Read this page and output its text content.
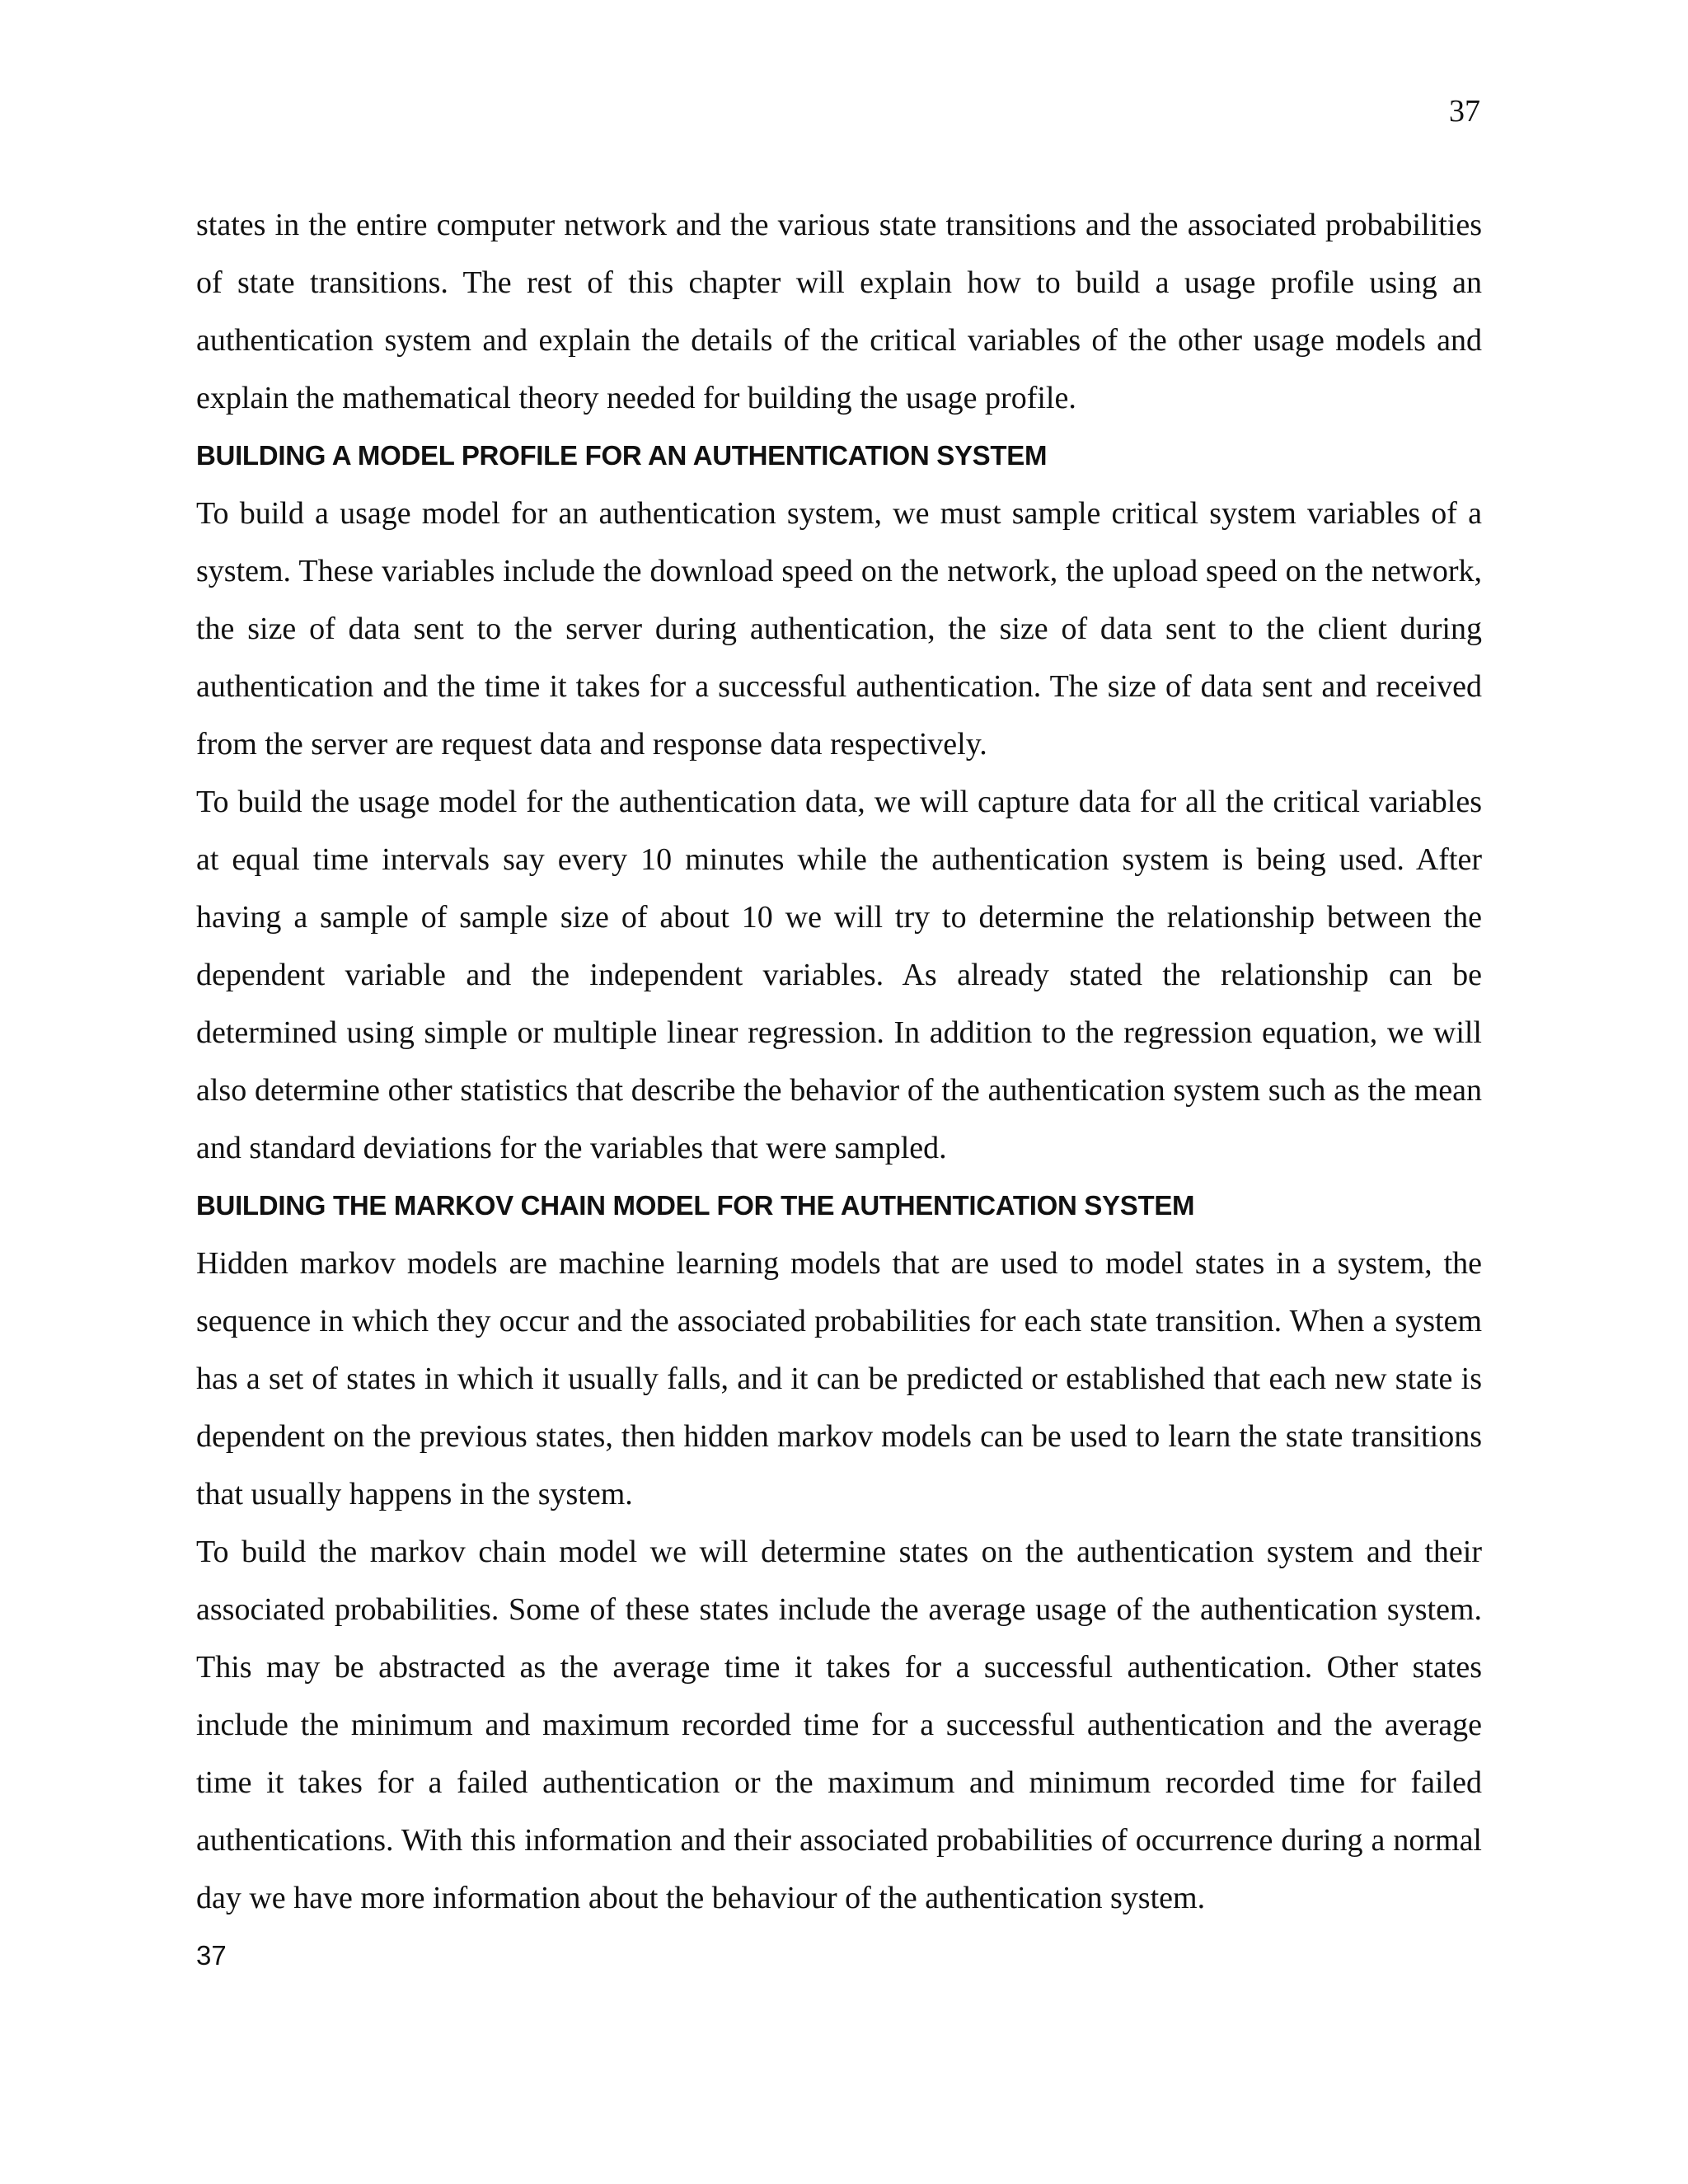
37

states in the entire computer network and the various state transitions and the associated probabilities of state transitions. The rest of this chapter will explain how to build a usage profile using an authentication system and explain the details of the critical variables of the other usage models and explain the mathematical theory needed for building the usage profile.

BUILDING A MODEL PROFILE FOR AN AUTHENTICATION SYSTEM

To build a usage model for an authentication system, we must sample critical system variables of a system. These variables include the download speed on the network, the upload speed on the network, the size of data sent to the server during authentication, the size of data sent to the client during authentication and the time it takes for a successful authentication. The size of data sent and received from the server are request data and response data respectively.

To build the usage model for the authentication data, we will capture data for all the critical variables at equal time intervals say every 10 minutes while the authentication system is being used. After having a sample of sample size of about 10 we will try to determine the relationship between the dependent variable and the independent variables. As already stated the relationship can be determined using simple or multiple linear regression. In addition to the regression equation, we will also determine other statistics that describe the behavior of the authentication system such as the mean and standard deviations for the variables that were sampled.

BUILDING THE MARKOV CHAIN MODEL FOR THE AUTHENTICATION SYSTEM

Hidden markov models are machine learning models that are used to model states in a system, the sequence in which they occur and the associated probabilities for each state transition. When a system has a set of states in which it usually falls, and it can be predicted or established that each new state is dependent on the previous states, then hidden markov models can be used to learn the state transitions that usually happens in the system.

To build the markov chain model we will determine states on the authentication system and their associated probabilities. Some of these states include the average usage of the authentication system. This may be abstracted as the average time it takes for a successful authentication. Other states include the minimum and maximum recorded time for a successful authentication and the average time it takes for a failed authentication or the maximum and minimum recorded time for failed authentications. With this information and their associated probabilities of occurrence during a normal day we have more information about the behaviour of the authentication system.

37
